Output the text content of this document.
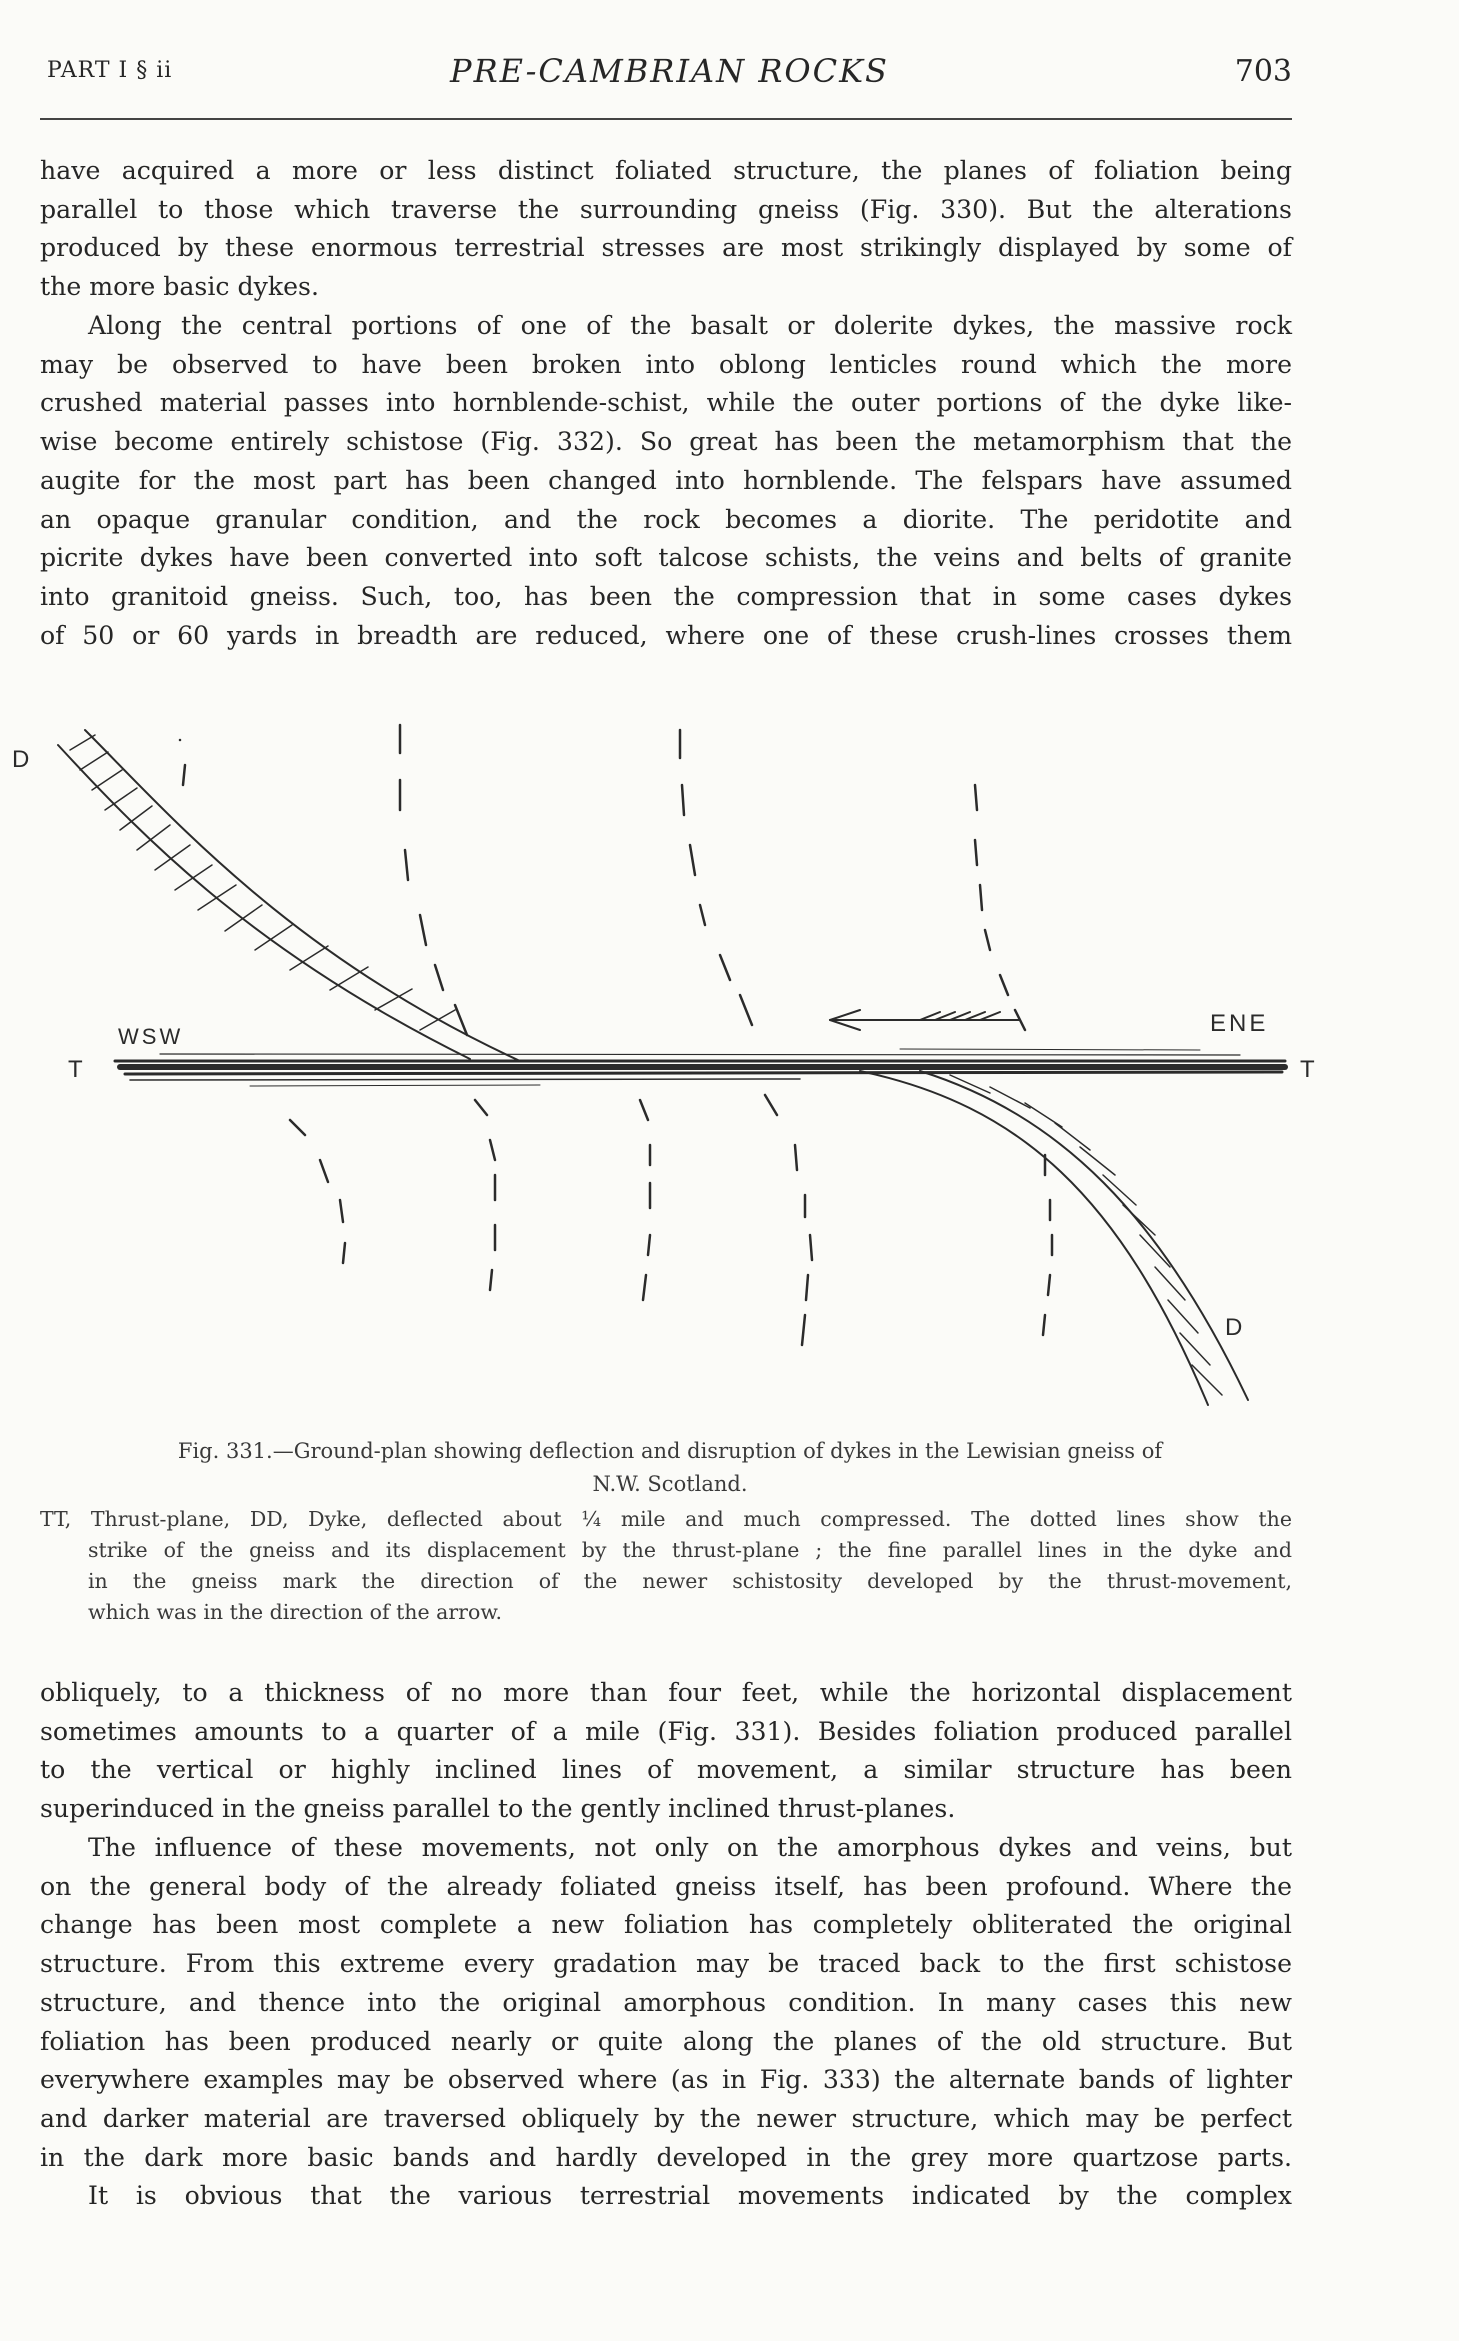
PART I § ii	PRE-CAMBRIAN ROCKS	703
have acquired a more or less distinct foliated structure, the planes of foliation being
parallel to those which traverse the surrounding gneiss (Fig. 330). But the alterations
produced by these enormous terrestrial stresses are most strikingly displayed by some of
the more basic dykes.
Along the central portions of one of the basalt or dolerite dykes, the massive rock
may be observed to have been broken into oblong lenticles round which the more
crushed material passes into hornblende-schist, while the outer portions of the dyke like-
wise become entirely schistose (Fig. 332). So great has been the metamorphism that the
augite for the most part has been changed into hornblende. The felspars have assumed
an opaque granular condition, and the rock becomes a diorite. The peridotite and
picrite dykes have been converted into soft talcose schists, the veins and belts of granite
into granitoid gneiss. Such, too, has been the compression that in some cases dykes
of 50 or 60 yards in breadth are reduced, where one of these crush-lines crosses them
D
D
T	T
WSW	ENE
Fig. 331.—Ground-plan showing deflection and disruption of dykes in the Lewisian gneiss of
N.W. Scotland.
TT, Thrust-plane, DD, Dyke, deflected about ¼ mile and much compressed. The dotted lines show the
strike of the gneiss and its displacement by the thrust-plane ; the fine parallel lines in the dyke and
in the gneiss mark the direction of the newer schistosity developed by the thrust-movement,
which was in the direction of the arrow.
obliquely, to a thickness of no more than four feet, while the horizontal displacement
sometimes amounts to a quarter of a mile (Fig. 331). Besides foliation produced parallel
to the vertical or highly inclined lines of movement, a similar structure has been
superinduced in the gneiss parallel to the gently inclined thrust-planes.
The influence of these movements, not only on the amorphous dykes and veins, but
on the general body of the already foliated gneiss itself, has been profound. Where the
change has been most complete a new foliation has completely obliterated the original
structure. From this extreme every gradation may be traced back to the first schistose
structure, and thence into the original amorphous condition. In many cases this new
foliation has been produced nearly or quite along the planes of the old structure. But
everywhere examples may be observed where (as in Fig. 333) the alternate bands of lighter
and darker material are traversed obliquely by the newer structure, which may be perfect
in the dark more basic bands and hardly developed in the grey more quartzose parts.
It is obvious that the various terrestrial movements indicated by the complex
